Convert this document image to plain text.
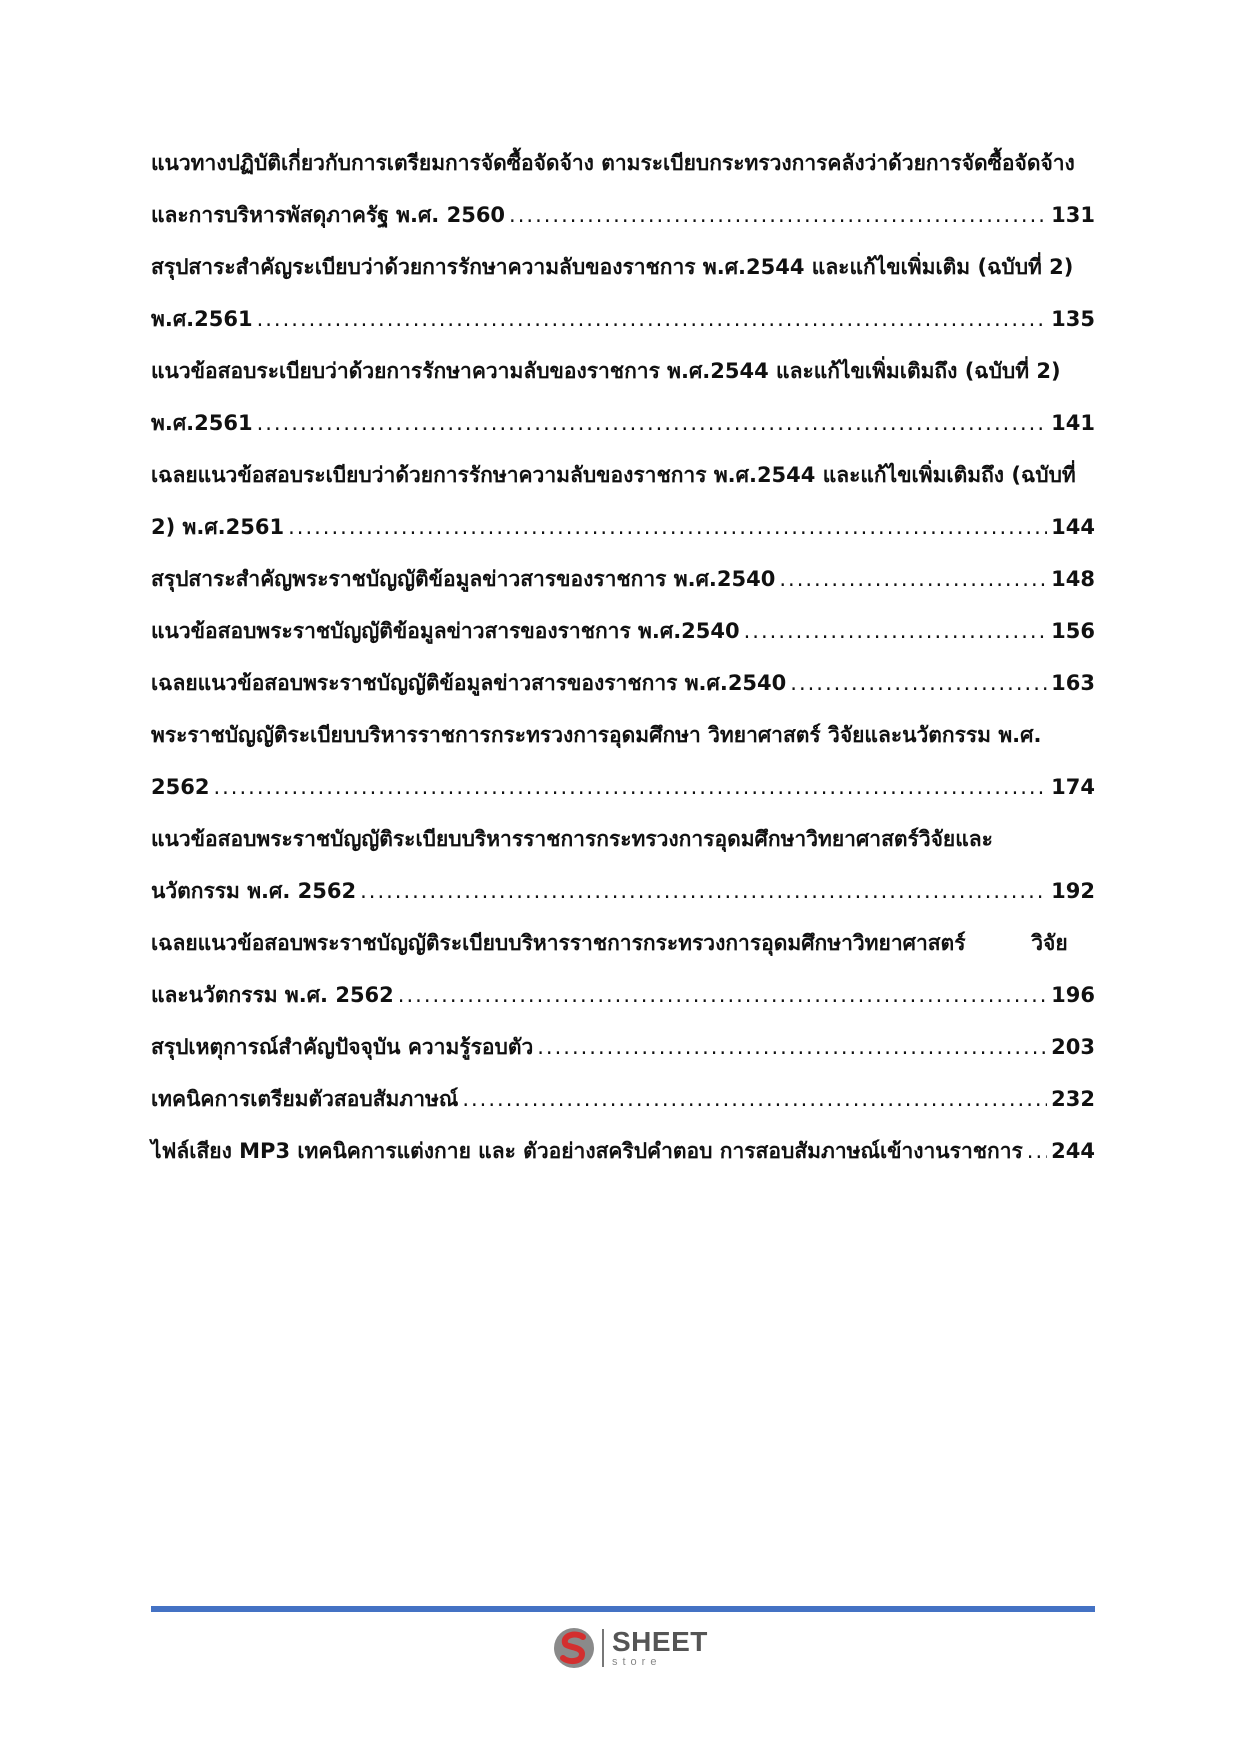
แนวทางปฏิบัติเกี่ยวกับการเตรียมการจัดซื้อจัดจ้าง ตามระเบียบกระทรวงการคลังว่าด้วยการจัดซื้อจัดจ้าง
และการบริหารพัสดุภาครัฐ พ.ศ. 2560 .....	131
สรุปสาระสำคัญระเบียบว่าด้วยการรักษาความลับของราชการ พ.ศ.2544 และแก้ไขเพิ่มเติม (ฉบับที่ 2)
พ.ศ.2561 .....	135
แนวข้อสอบระเบียบว่าด้วยการรักษาความลับของราชการ พ.ศ.2544 และแก้ไขเพิ่มเติมถึง (ฉบับที่ 2)
พ.ศ.2561 .....	141
เฉลยแนวข้อสอบระเบียบว่าด้วยการรักษาความลับของราชการ พ.ศ.2544 และแก้ไขเพิ่มเติมถึง (ฉบับที่
2) พ.ศ.2561 .....	144
สรุปสาระสำคัญพระราชบัญญัติข้อมูลข่าวสารของราชการ พ.ศ.2540 .....	148
แนวข้อสอบพระราชบัญญัติข้อมูลข่าวสารของราชการ พ.ศ.2540 .....	156
เฉลยแนวข้อสอบพระราชบัญญัติข้อมูลข่าวสารของราชการ พ.ศ.2540 .....	163
พระราชบัญญัติระเบียบบริหารราชการกระทรวงการอุดมศึกษา วิทยาศาสตร์ วิจัยและนวัตกรรม พ.ศ.
2562 .....	174
แนวข้อสอบพระราชบัญญัติระเบียบบริหารราชการกระทรวงการอุดมศึกษาวิทยาศาสตร์วิจัยและ
นวัตกรรม พ.ศ. 2562 .....	192
เฉลยแนวข้อสอบพระราชบัญญัติระเบียบบริหารราชการกระทรวงการอุดมศึกษาวิทยาศาสตร์         วิจัย
และนวัตกรรม พ.ศ. 2562 .....	196
สรุปเหตุการณ์สำคัญปัจจุบัน ความรู้รอบตัว .....	203
เทคนิคการเตรียมตัวสอบสัมภาษณ์ .....	232
ไฟล์เสียง MP3 เทคนิคการแต่งกาย และ ตัวอย่างสคริปคำตอบ การสอบสัมภาษณ์เข้างานราชการ ..... 244
SHEET
store
